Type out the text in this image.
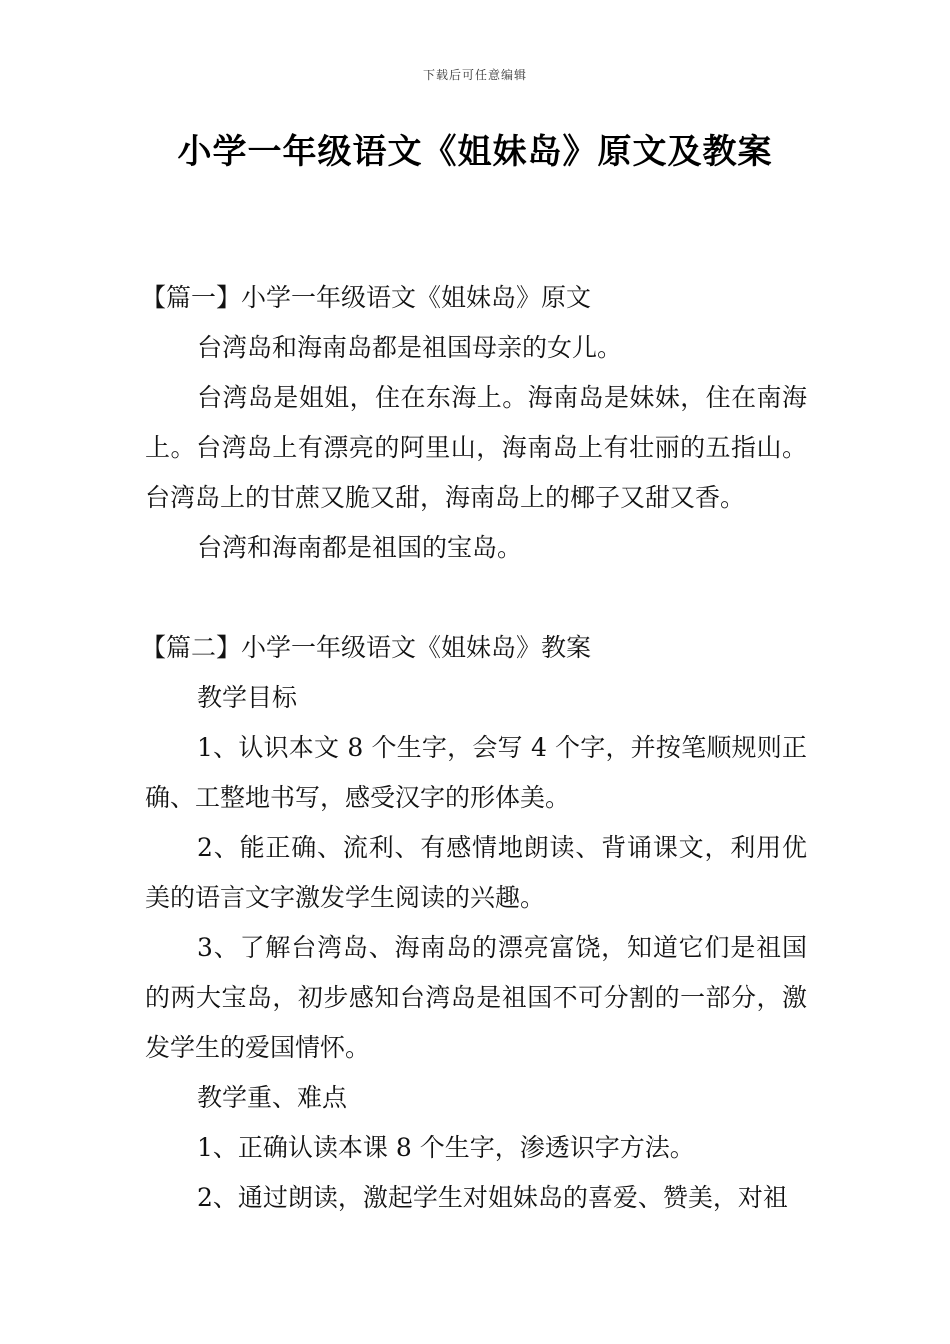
下载后可任意编辑
小学一年级语文《姐妹岛》原文及教案

【篇一】小学一年级语文《姐妹岛》原文

台湾岛和海南岛都是祖国母亲的女儿。

台湾岛是姐姐，住在东海上。海南岛是妹妹，住在南海上。台湾岛上有漂亮的阿里山，海南岛上有壮丽的五指山。台湾岛上的甘蔗又脆又甜，海南岛上的椰子又甜又香。

台湾和海南都是祖国的宝岛。

【篇二】小学一年级语文《姐妹岛》教案

教学目标

1、认识本文 8 个生字，会写 4 个字，并按笔顺规则正确、工整地书写，感受汉字的形体美。

2、能正确、流利、有感情地朗读、背诵课文，利用优美的语言文字激发学生阅读的兴趣。

3、了解台湾岛、海南岛的漂亮富饶，知道它们是祖国的两大宝岛，初步感知台湾岛是祖国不可分割的一部分，激发学生的爱国情怀。

教学重、难点

1、正确认读本课 8 个生字，渗透识字方法。

2、通过朗读，激起学生对姐妹岛的喜爱、赞美，对祖
